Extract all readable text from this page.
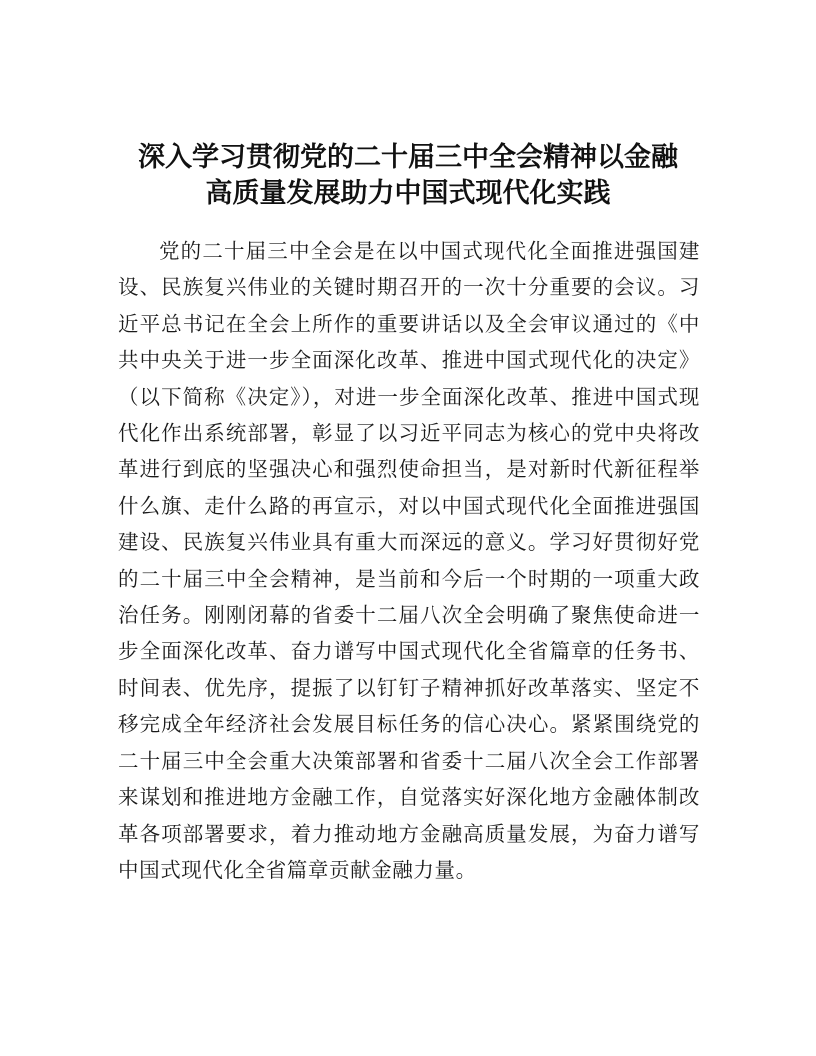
深入学习贯彻党的二十届三中全会精神以金融
高质量发展助力中国式现代化实践

党的二十届三中全会是在以中国式现代化全面推进强国建设、民族复兴伟业的关键时期召开的一次十分重要的会议。习近平总书记在全会上所作的重要讲话以及全会审议通过的《中共中央关于进一步全面深化改革、推进中国式现代化的决定》（以下简称《决定》），对进一步全面深化改革、推进中国式现代化作出系统部署，彰显了以习近平同志为核心的党中央将改革进行到底的坚强决心和强烈使命担当，是对新时代新征程举什么旗、走什么路的再宣示，对以中国式现代化全面推进强国建设、民族复兴伟业具有重大而深远的意义。学习好贯彻好党的二十届三中全会精神，是当前和今后一个时期的一项重大政治任务。刚刚闭幕的省委十二届八次全会明确了聚焦使命进一步全面深化改革、奋力谱写中国式现代化全省篇章的任务书、时间表、优先序，提振了以钉钉子精神抓好改革落实、坚定不移完成全年经济社会发展目标任务的信心决心。紧紧围绕党的二十届三中全会重大决策部署和省委十二届八次全会工作部署来谋划和推进地方金融工作，自觉落实好深化地方金融体制改革各项部署要求，着力推动地方金融高质量发展，为奋力谱写中国式现代化全省篇章贡献金融力量。
